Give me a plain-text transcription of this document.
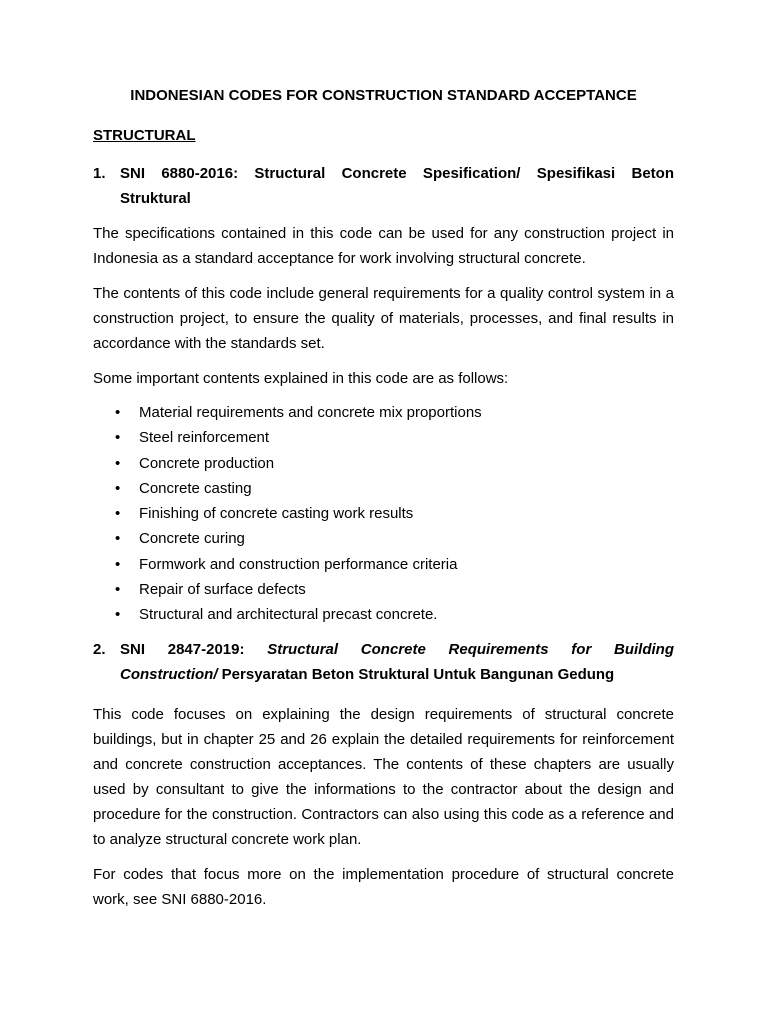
INDONESIAN CODES FOR CONSTRUCTION STANDARD ACCEPTANCE

STRUCTURAL

1. SNI 6880-2016: Structural Concrete Spesification/ Spesifikasi Beton
Struktural

The specifications contained in this code can be used for any construction project in Indonesia as a standard acceptance for work involving structural concrete.

The contents of this code include general requirements for a quality control system in a construction project, to ensure the quality of materials, processes, and final results in accordance with the standards set.

Some important contents explained in this code are as follows:

• Material requirements and concrete mix proportions
• Steel reinforcement
• Concrete production
• Concrete casting
• Finishing of concrete casting work results
• Concrete curing
• Formwork and construction performance criteria
• Repair of surface defects
• Structural and architectural precast concrete.
2. SNI 2847-2019: Structural Concrete Requirements for Building
Construction/ Persyaratan Beton Struktural Untuk Bangunan Gedung

This code focuses on explaining the design requirements of structural concrete buildings, but in chapter 25 and 26 explain the detailed requirements for reinforcement and concrete construction acceptances. The contents of these chapters are usually used by consultant to give the informations to the contractor about the design and procedure for the construction. Contractors can also using this code as a reference and to analyze structural concrete work plan.

For codes that focus more on the implementation procedure of structural concrete work, see SNI 6880-2016.
